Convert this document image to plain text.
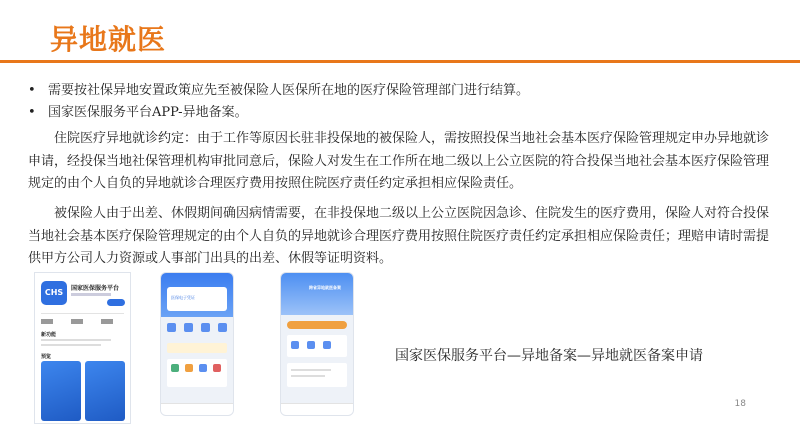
异地就医
• 需要按社保异地安置政策应先至被保险人医保所在地的医疗保险管理部门进行结算。
• 国家医保服务平台APP-异地备案。

住院医疗异地就诊约定：由于工作等原因长驻非投保地的被保险人，需按照投保当地社会基本医疗保险管理规定申办异地就诊申请，经投保当地社保管理机构审批同意后，保险人对发生在工作所在地二级以上公立医院的符合投保当地社会基本医疗保险管理规定的由个人自负的异地就诊合理医疗费用按照住院医疗责任约定承担相应保险责任。

被保险人由于出差、休假期间确因病情需要，在非投保地二级以上公立医院因急诊、住院发生的医疗费用，保险人对符合投保当地社会基本医疗保险管理规定的由个人自负的异地就诊合理医疗费用按照住院医疗责任约定承担相应保险责任；理赔申请时需提供甲方公司人力资源或人事部门出具的出差、休假等证明资料。

CHS	国家医保服务平台
新功能
预览
医保电子凭证
跨省异地就医备案
国家医保服务平台—异地备案—异地就医备案申请
18
